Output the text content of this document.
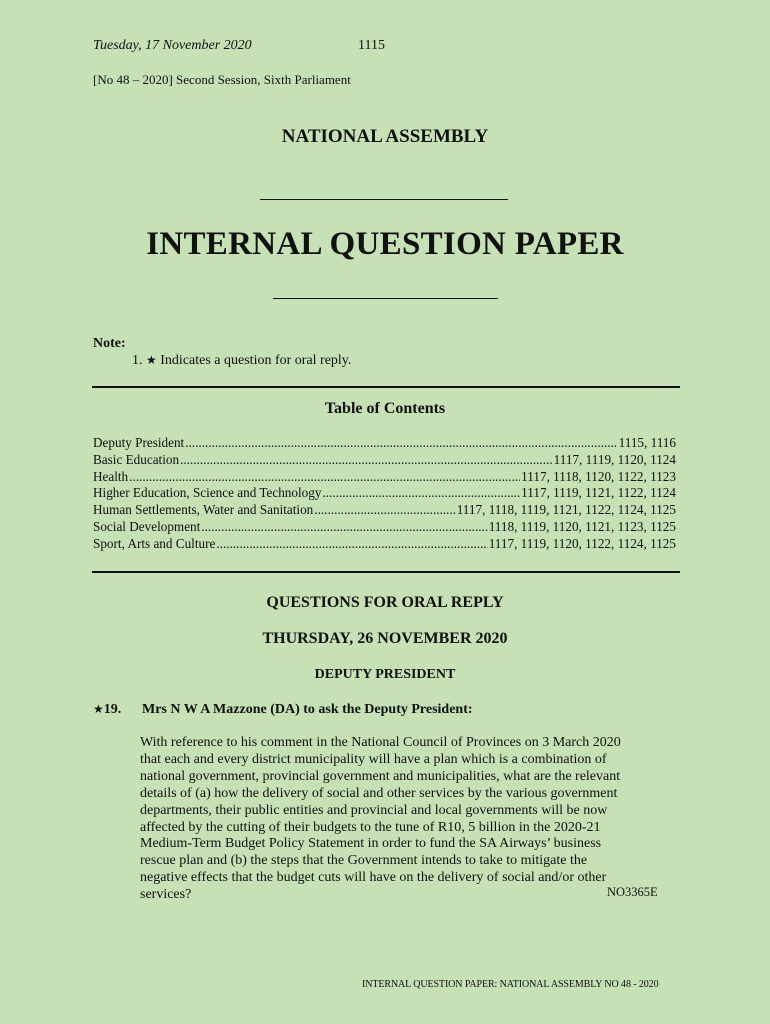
Tuesday, 17 November 2020	1115
[No 48 – 2020] Second Session, Sixth Parliament
NATIONAL ASSEMBLY
INTERNAL QUESTION PAPER
Note:
1. ★ Indicates a question for oral reply.
Table of Contents
Deputy President .....	1115, 1116
Basic Education .....	1117, 1119, 1120, 1124
Health .....	1117, 1118, 1120, 1122, 1123
Higher Education, Science and Technology .....	1117, 1119, 1121, 1122, 1124
Human Settlements, Water and Sanitation .....	1117, 1118, 1119, 1121, 1122, 1124, 1125
Social Development .....	1118, 1119, 1120, 1121, 1123, 1125
Sport, Arts and Culture .....	1117, 1119, 1120, 1122, 1124, 1125
QUESTIONS FOR ORAL REPLY
THURSDAY, 26 NOVEMBER 2020
DEPUTY PRESIDENT
★19. Mrs N W A Mazzone (DA) to ask the Deputy President:
With reference to his comment in the National Council of Provinces on 3 March 2020
that each and every district municipality will have a plan which is a combination of
national government, provincial government and municipalities, what are the relevant
details of (a) how the delivery of social and other services by the various government
departments, their public entities and provincial and local governments will be now
affected by the cutting of their budgets to the tune of R10, 5 billion in the 2020-21
Medium-Term Budget Policy Statement in order to fund the SA Airways’ business
rescue plan and (b) the steps that the Government intends to take to mitigate the
negative effects that the budget cuts will have on the delivery of social and/or other
services?	NO3365E
INTERNAL QUESTION PAPER: NATIONAL ASSEMBLY NO 48 - 2020
